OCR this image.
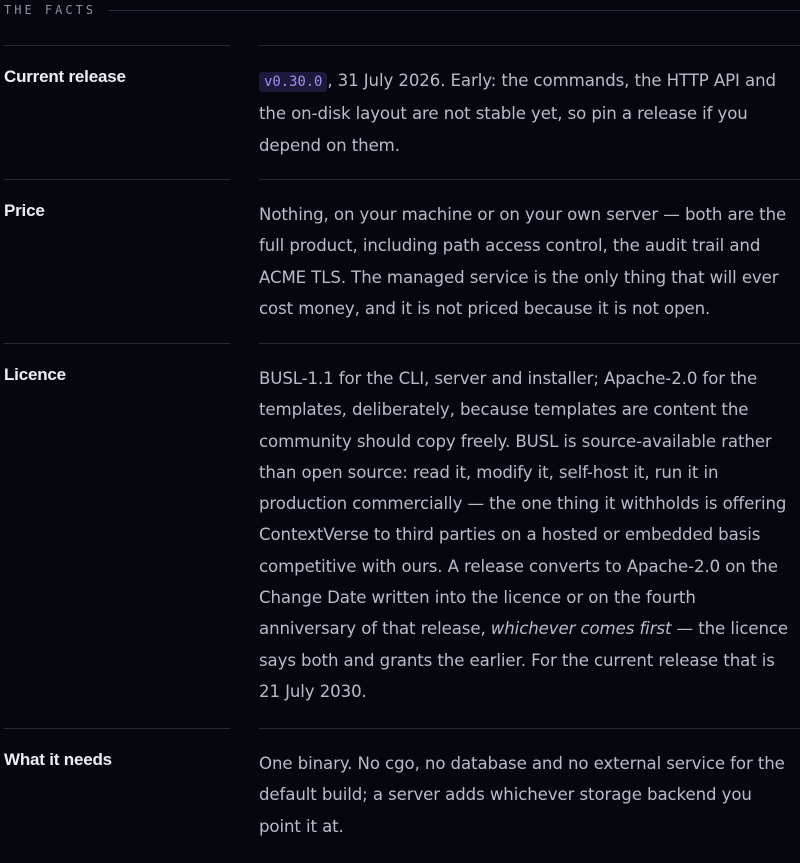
THE FACTS
Current release	v0.30.0 , 31 July 2026. Early: the commands, the HTTP API and the on-disk layout are not stable yet, so pin a release if you depend on them.
Price	Nothing, on your machine or on your own server — both are the full product, including path access control, the audit trail and ACME TLS. The managed service is the only thing that will ever cost money, and it is not priced because it is not open.
Licence	BUSL-1.1 for the CLI, server and installer; Apache-2.0 for the templates, deliberately, because templates are content the community should copy freely. BUSL is source-available rather than open source: read it, modify it, self-host it, run it in production commercially — the one thing it withholds is offering ContextVerse to third parties on a hosted or embedded basis competitive with ours. A release converts to Apache-2.0 on the Change Date written into the licence or on the fourth anniversary of that release, whichever comes first — the licence says both and grants the earlier. For the current release that is 21 July 2030.
What it needs	One binary. No cgo, no database and no external service for the default build; a server adds whichever storage backend you point it at.
